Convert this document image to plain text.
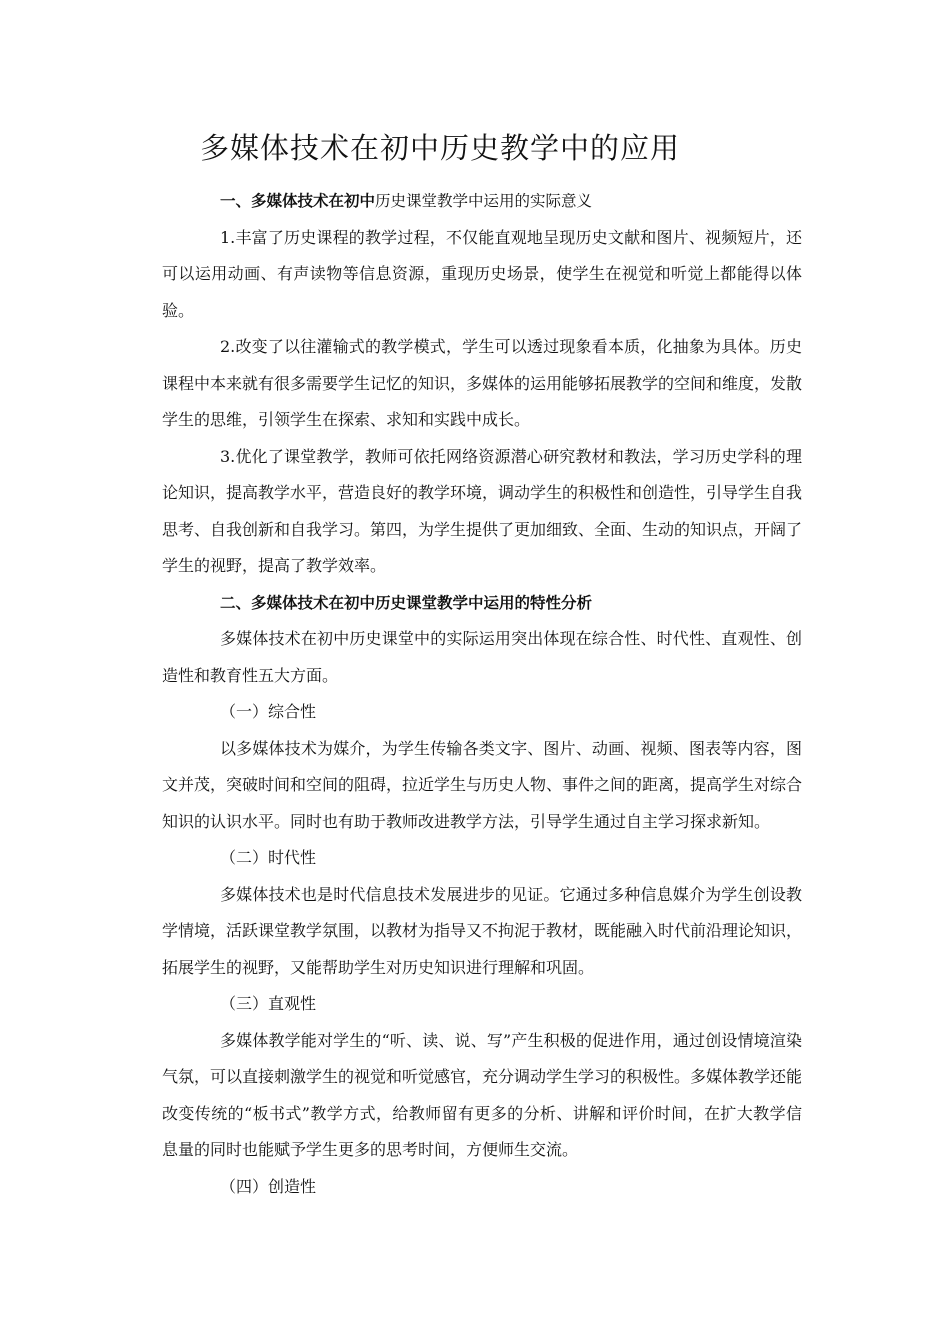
多媒体技术在初中历史教学中的应用

一、多媒体技术在初中历史课堂教学中运用的实际意义

1.丰富了历史课程的教学过程，不仅能直观地呈现历史文献和图片、视频短片，还可以运用动画、有声读物等信息资源，重现历史场景，使学生在视觉和听觉上都能得以体验。

2.改变了以往灌输式的教学模式，学生可以透过现象看本质，化抽象为具体。历史课程中本来就有很多需要学生记忆的知识，多媒体的运用能够拓展教学的空间和维度，发散学生的思维，引领学生在探索、求知和实践中成长。

3.优化了课堂教学，教师可依托网络资源潜心研究教材和教法，学习历史学科的理论知识，提高教学水平，营造良好的教学环境，调动学生的积极性和创造性，引导学生自我思考、自我创新和自我学习。第四，为学生提供了更加细致、全面、生动的知识点，开阔了学生的视野，提高了教学效率。

二、多媒体技术在初中历史课堂教学中运用的特性分析

多媒体技术在初中历史课堂中的实际运用突出体现在综合性、时代性、直观性、创造性和教育性五大方面。

（一）综合性

以多媒体技术为媒介，为学生传输各类文字、图片、动画、视频、图表等内容，图文并茂，突破时间和空间的阻碍，拉近学生与历史人物、事件之间的距离，提高学生对综合知识的认识水平。同时也有助于教师改进教学方法，引导学生通过自主学习探求新知。

（二）时代性

多媒体技术也是时代信息技术发展进步的见证。它通过多种信息媒介为学生创设教学情境，活跃课堂教学氛围，以教材为指导又不拘泥于教材，既能融入时代前沿理论知识，拓展学生的视野，又能帮助学生对历史知识进行理解和巩固。

（三）直观性

多媒体教学能对学生的“听、读、说、写”产生积极的促进作用，通过创设情境渲染气氛，可以直接刺激学生的视觉和听觉感官，充分调动学生学习的积极性。多媒体教学还能改变传统的“板书式”教学方式，给教师留有更多的分析、讲解和评价时间，在扩大教学信息量的同时也能赋予学生更多的思考时间，方便师生交流。

（四）创造性
